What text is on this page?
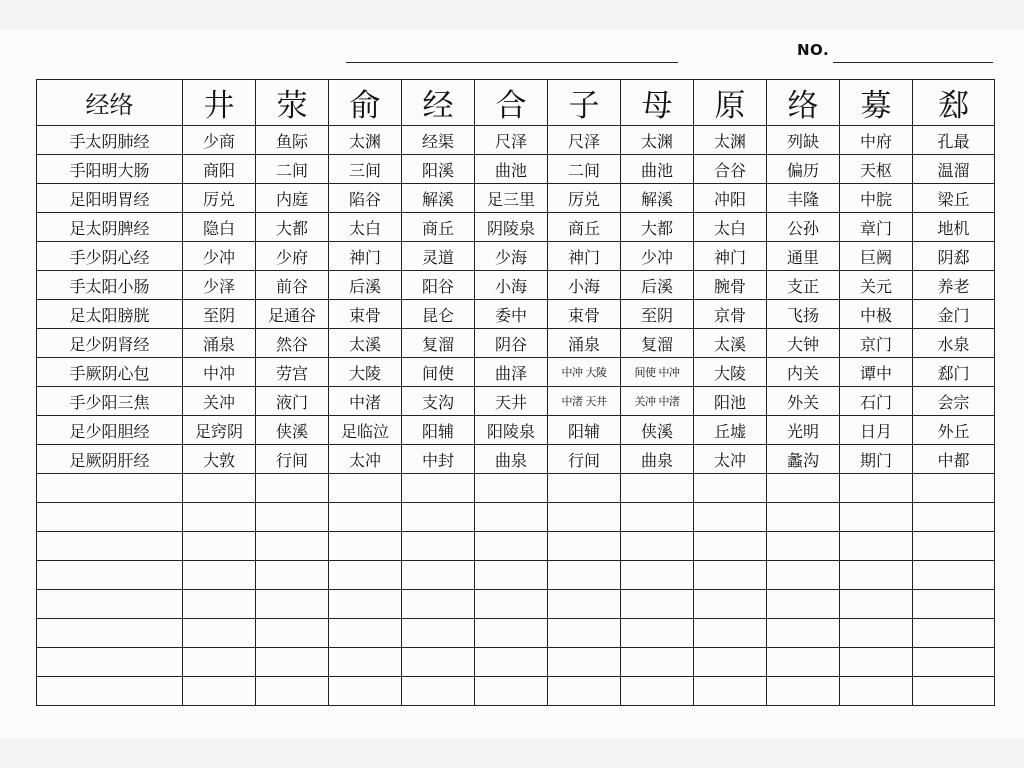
NO.
经络	井	荥	俞	经	合	子	母	原	络	募	郄
手太阴肺经	少商	鱼际	太渊	经渠	尺泽	尺泽	太渊	太渊	列缺	中府	孔最
手阳明大肠	商阳	二间	三间	阳溪	曲池	二间	曲池	合谷	偏历	天枢	温溜
足阳明胃经	厉兑	内庭	陷谷	解溪	足三里	厉兑	解溪	冲阳	丰隆	中脘	梁丘
足太阴脾经	隐白	大都	太白	商丘	阴陵泉	商丘	大都	太白	公孙	章门	地机
手少阴心经	少冲	少府	神门	灵道	少海	神门	少冲	神门	通里	巨阙	阴郄
手太阳小肠	少泽	前谷	后溪	阳谷	小海	小海	后溪	腕骨	支正	关元	养老
足太阳膀胱	至阴	足通谷	束骨	昆仑	委中	束骨	至阴	京骨	飞扬	中极	金门
足少阴肾经	涌泉	然谷	太溪	复溜	阴谷	涌泉	复溜	太溪	大钟	京门	水泉
手厥阴心包	中冲	劳宫	大陵	间使	曲泽	中冲 大陵	间使 中冲	大陵	内关	谭中	郄门
手少阳三焦	关冲	液门	中渚	支沟	天井	中渚 天井	关冲 中渚	阳池	外关	石门	会宗
足少阳胆经	足窍阴	侠溪	足临泣	阳辅	阳陵泉	阳辅	侠溪	丘墟	光明	日月	外丘
足厥阴肝经	大敦	行间	太冲	中封	曲泉	行间	曲泉	太冲	蠡沟	期门	中都
